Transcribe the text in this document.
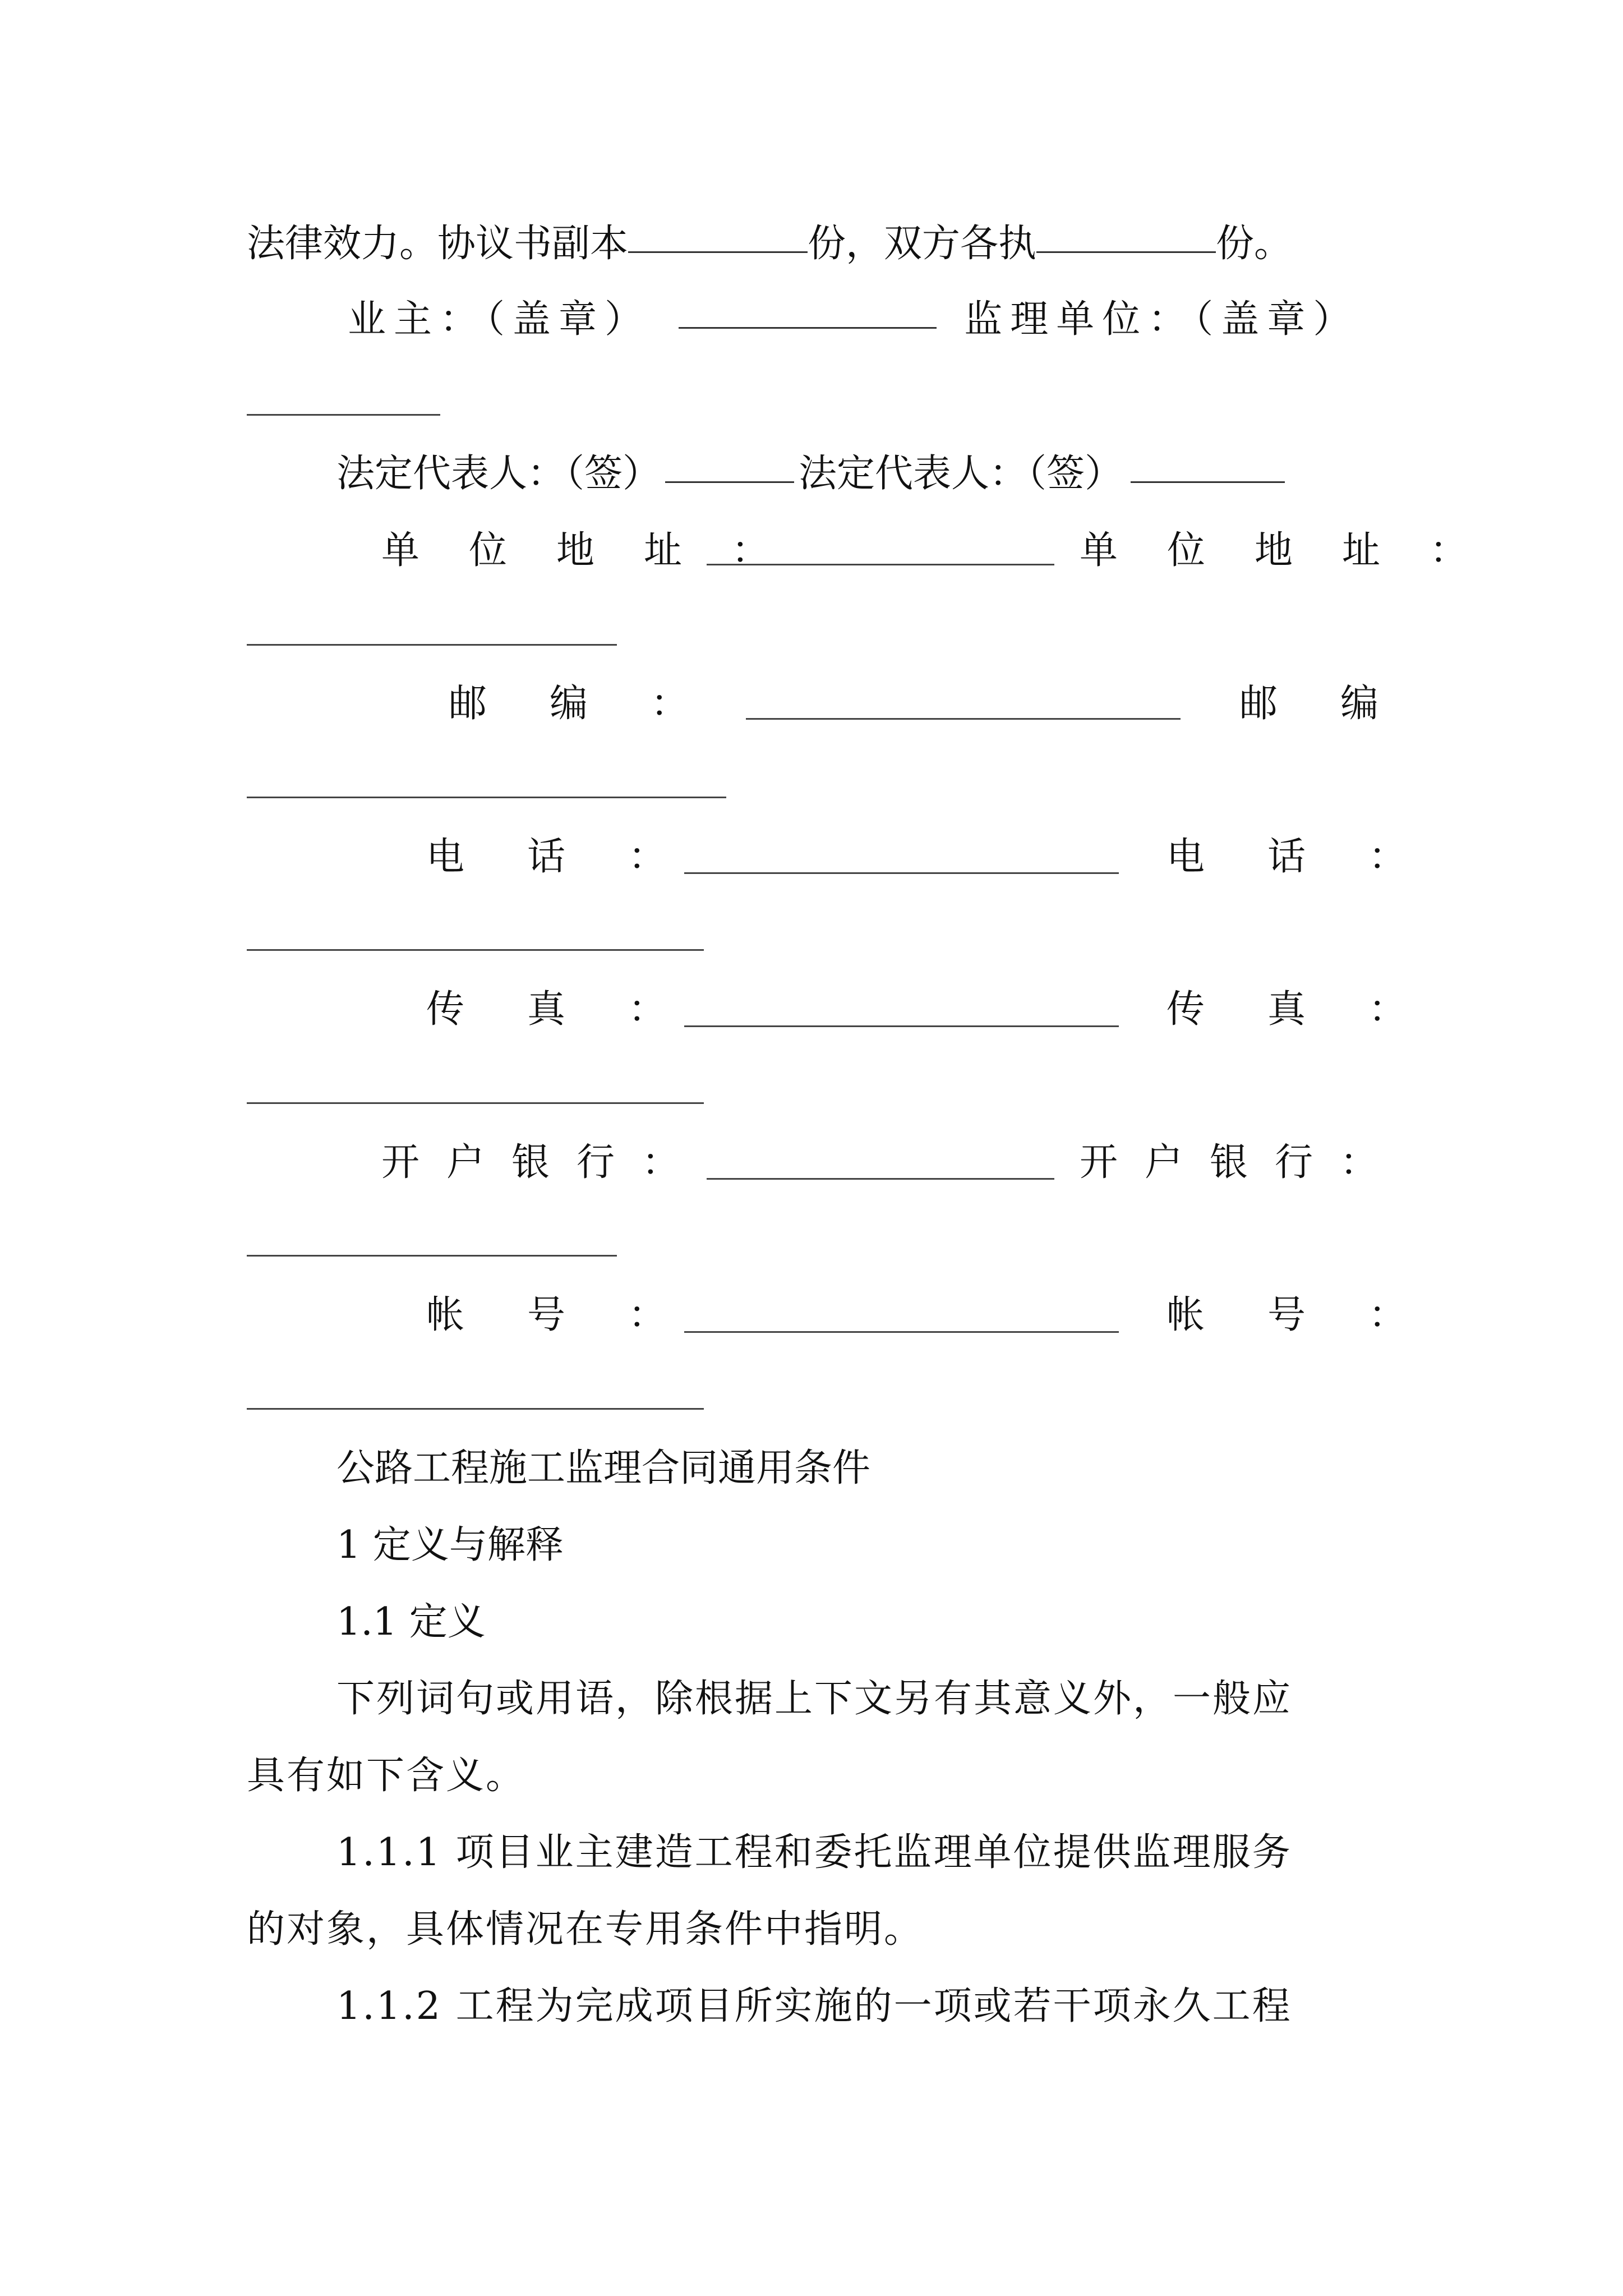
法律效力。协议书副本	份，双方各执	份。
业主：（盖章）	监理单位：（盖章）
法定代表人：（签）	法定代表人：（签）
单 位 地 址 ：	单 位 地 址 ：
邮 编 ：	邮 编
电 话 ：	电 话 ：
传 真 ：	传 真 ：
开 户 银 行 ：	开 户 银 行 ：
帐 号 ：	帐 号 ：
公路工程施工监理合同通用条件
1 定义与解释
1.1 定义
下列词句或用语，除根据上下文另有其意义外，一般应
具有如下含义。
1.1.1 项目业主建造工程和委托监理单位提供监理服务
的对象，具体情况在专用条件中指明。
1.1.2 工程为完成项目所实施的一项或若干项永久工程
